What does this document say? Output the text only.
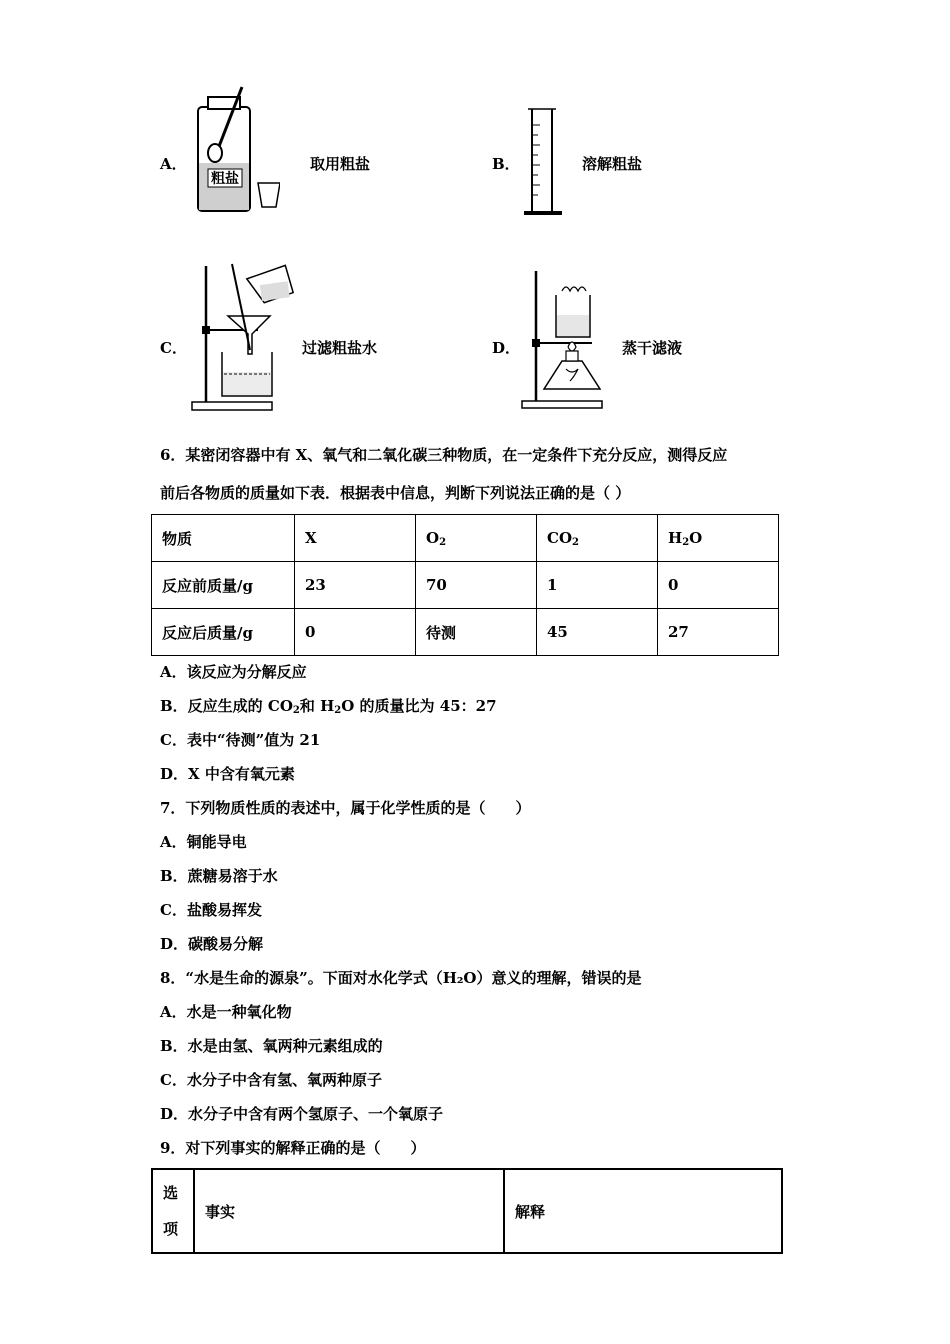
A．
粗盐
取用粗盐	B．	溶解粗盐
C．	过滤粗盐水	D．	蒸干滤液
6．某密闭容器中有 X、氧气和二氧化碳三种物质，在一定条件下充分反应，测得反应
前后各物质的质量如下表．根据表中信息，判断下列说法正确的是（ ）
物质	X	$O_2$	$CO_2$	$H_2O$
反应前质量/g	23	70	1	0
反应后质量/g	0	待测	45	27
A．该反应为分解反应
B．反应生成的 $CO_2$和 $H_2O$ 的质量比为 45：27
C．表中“待测”值为 21
D．X 中含有氧元素
7．下列物质性质的表述中，属于化学性质的是（　　）
A．铜能导电
B．蔗糖易溶于水
C．盐酸易挥发
D．碳酸易分解
8．“水是生命的源泉”。下面对水化学式（H₂O）意义的理解，错误的是
A．水是一种氧化物
B．水是由氢、氧两种元素组成的
C．水分子中含有氢、氧两种原子
D．水分子中含有两个氢原子、一个氧原子
9．对下列事实的解释正确的是（　　）
选
项
	事实	解释
